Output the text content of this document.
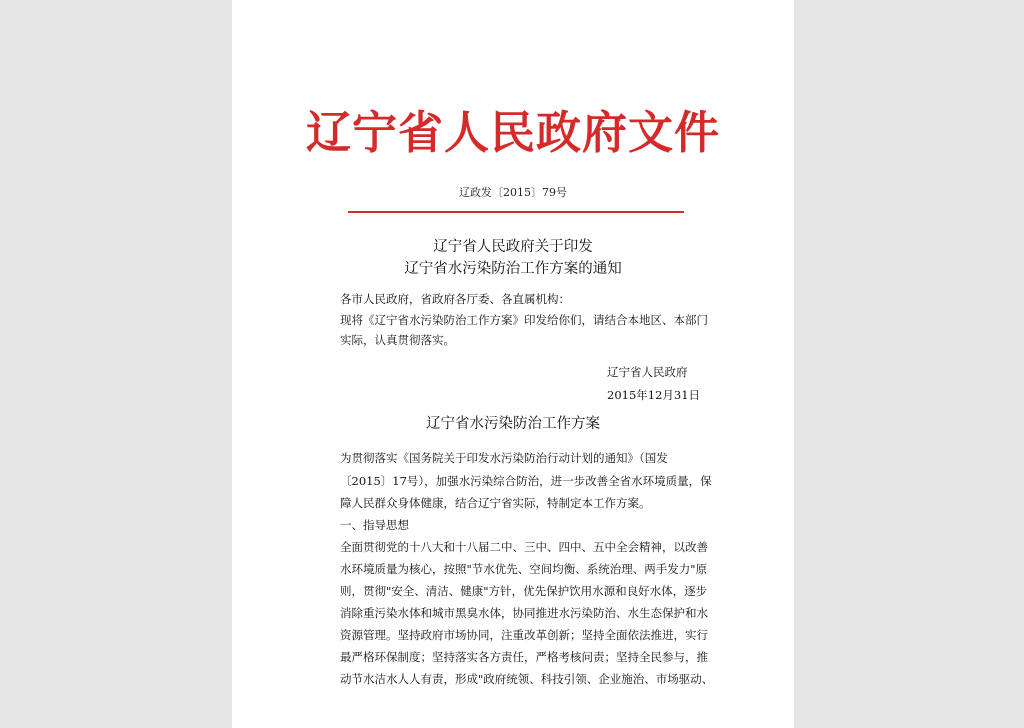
辽宁省人民政府文件
辽政发〔2015〕79号
辽宁省人民政府关于印发
辽宁省水污染防治工作方案的通知
各市人民政府，省政府各厅委、各直属机构：
现将《辽宁省水污染防治工作方案》印发给你们，请结合本地区、本部门
实际，认真贯彻落实。
辽宁省人民政府
2015年12月31日
辽宁省水污染防治工作方案
为贯彻落实《国务院关于印发水污染防治行动计划的通知》（国发
〔2015〕17号），加强水污染综合防治，进一步改善全省水环境质量，保
障人民群众身体健康，结合辽宁省实际，特制定本工作方案。
一、指导思想
全面贯彻党的十八大和十八届二中、三中、四中、五中全会精神，以改善
水环境质量为核心，按照"节水优先、空间均衡、系统治理、两手发力"原
则，贯彻"安全、清洁、健康"方针，优先保护饮用水源和良好水体，逐步
消除重污染水体和城市黑臭水体，协同推进水污染防治、水生态保护和水
资源管理。坚持政府市场协同，注重改革创新；坚持全面依法推进，实行
最严格环保制度；坚持落实各方责任，严格考核问责；坚持全民参与，推
动节水洁水人人有责，形成"政府统领、科技引领、企业施治、市场驱动、
